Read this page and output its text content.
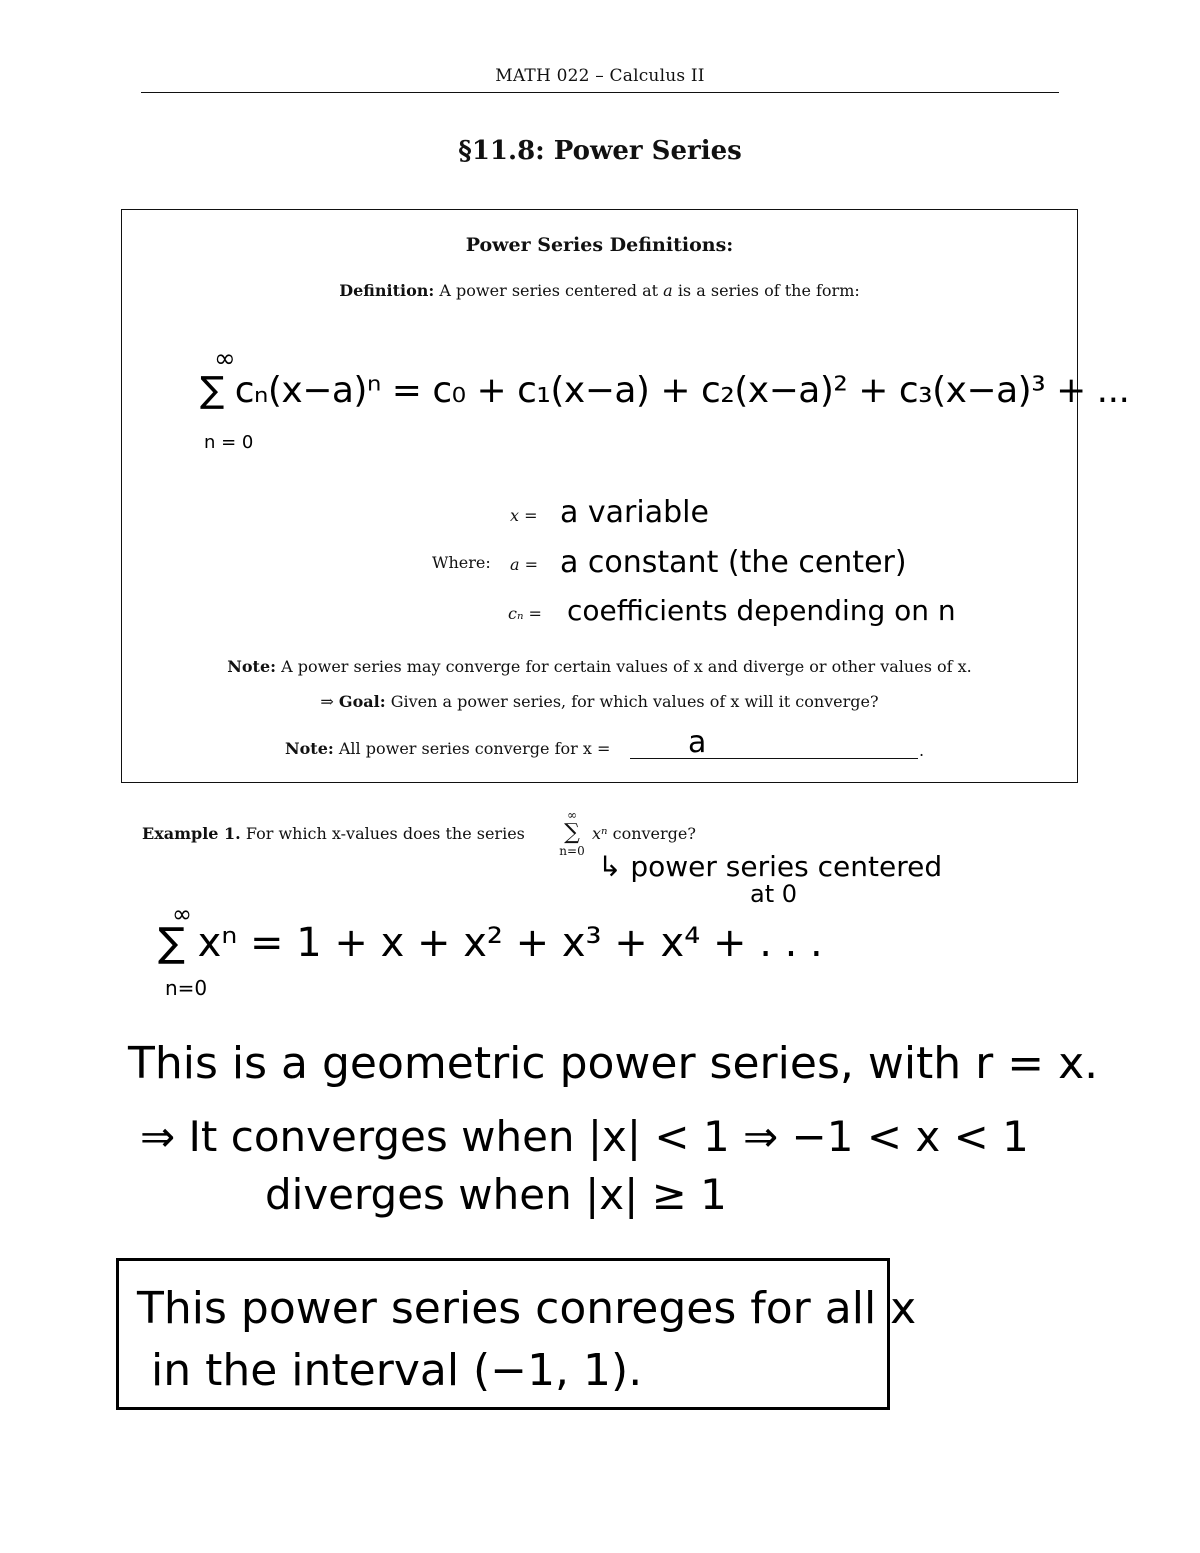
MATH 022 – Calculus II
§11.8: Power Series
Power Series Definitions:
Definition: A power series centered at a is a series of the form:
∞
∑ cₙ(x−a)ⁿ = c₀ + c₁(x−a) + c₂(x−a)² + c₃(x−a)³ + ...
n = 0
Where:
x = a variable
a = a constant (the center)
cₙ = coefficients depending on n
Note: A power series may converge for certain values of x and diverge or other values of x.
⇒ Goal: Given a power series, for which values of x will it converge?
Note: All power series converge for x =	a	.
Example 1. For which x-values does the series
∞
∑
n=0
xⁿ converge?
↳ power series centered
at 0
∞
∑ xⁿ = 1 + x + x² + x³ + x⁴ + . . .
n=0
This is a geometric power series, with r = x.
⇒ It converges when |x| < 1 ⇒ −1 < x < 1
diverges when |x| ≥ 1
This power series conreges for all x
in the interval (−1, 1).
